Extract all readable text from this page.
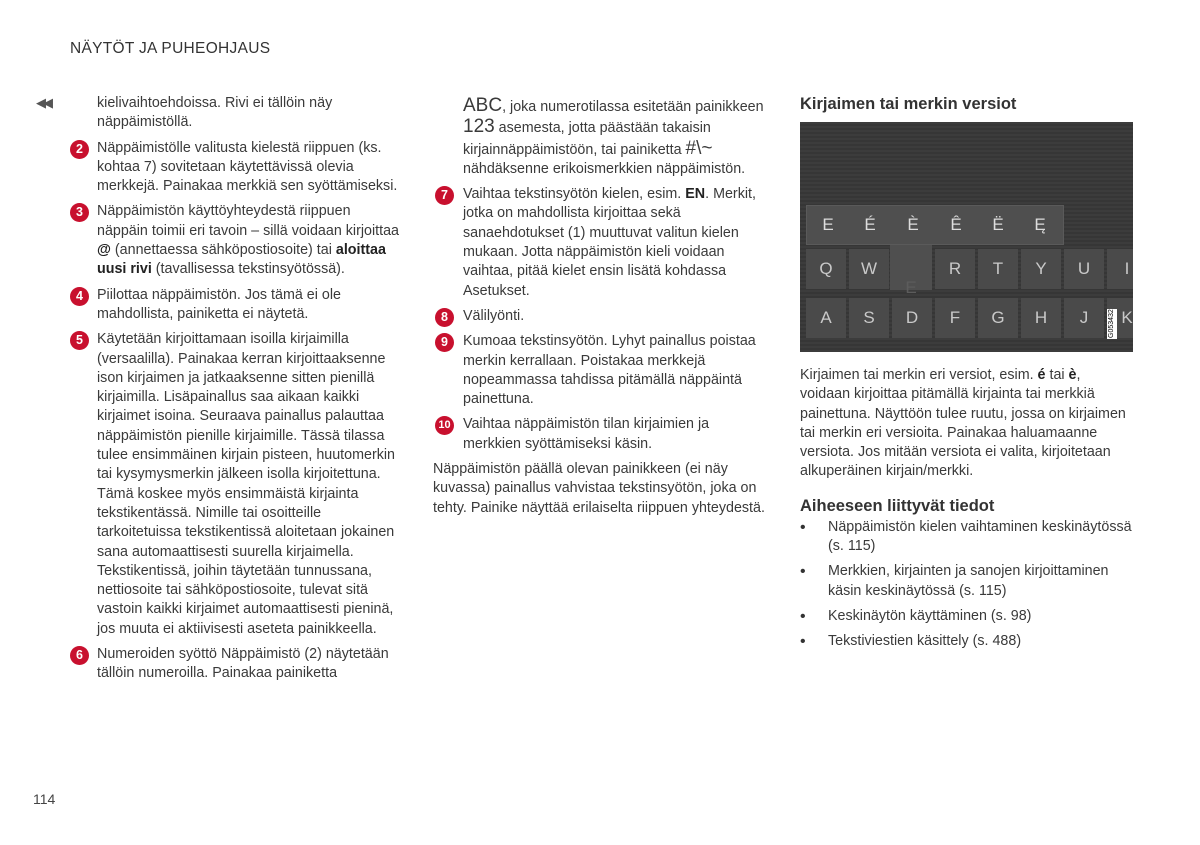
NÄYTÖT JA PUHEOHJAUS
◀◀	kielivaihtoehdoissa. Rivi ei tällöin näy näppäimistöllä.
2 Näppäimistölle valitusta kielestä riippuen (ks. kohtaa 7) sovitetaan käytettävissä olevia merkkejä. Painakaa merkkiä sen syöttämiseksi.
3 Näppäimistön käyttöyhteydestä riippuen näppäin toimii eri tavoin – sillä voidaan kirjoittaa @ (annettaessa sähköpostiosoite) tai aloittaa uusi rivi (tavallisessa tekstinsyötössä).
4 Piilottaa näppäimistön. Jos tämä ei ole mahdollista, painiketta ei näytetä.
5 Käytetään kirjoittamaan isoilla kirjaimilla (versaalilla). Painakaa kerran kirjoittaaksenne ison kirjaimen ja jatkaaksenne sitten pienillä kirjaimilla. Lisäpainallus saa aikaan kaikki kirjaimet isoina. Seuraava painallus palauttaa näppäimistön pienille kirjaimille. Tässä tilassa tulee ensimmäinen kirjain pisteen, huutomerkin tai kysymysmerkin jälkeen isolla kirjoitettuna. Tämä koskee myös ensimmäistä kirjainta tekstikentässä. Nimille tai osoitteille tarkoitetuissa tekstikentissä aloitetaan jokainen sana automaattisesti suurella kirjaimella. Tekstikentissä, joihin täytetään tunnussana, nettiosoite tai sähköpostiosoite, tulevat sitä vastoin kaikki kirjaimet automaattisesti pieninä, jos muuta ei aktiivisesti aseteta painikkeella.
6 Numeroiden syöttö Näppäimistö (2) näytetään tällöin numeroilla. Painakaa painiketta
ABC, joka numerotilassa esitetään painikkeen 123 asemesta, jotta päästään takaisin kirjainnäppäimistöön, tai painiketta #\~ nähdäksenne erikoismerkkien näppäimistön.
7	Vaihtaa tekstinsyötön kielen, esim. EN. Merkit, jotka on mahdollista kirjoittaa sekä sanaehdotukset (1) muuttuvat valitun kielen mukaan. Jotta näppäimistön kieli voidaan vaihtaa, pitää kielet ensin lisätä kohdassa Asetukset.
8	Välilyönti.
9	Kumoaa tekstinsyötön. Lyhyt painallus poistaa merkin kerrallaan. Poistakaa merkkejä nopeammassa tahdissa pitämällä näppäintä painettuna.
10 Vaihtaa näppäimistön tilan kirjaimien ja merkkien syöttämiseksi käsin.

Näppäimistön päällä olevan painikkeen (ei näy kuvassa) painallus vahvistaa tekstinsyötön, joka on tehty. Painike näyttää erilaiselta riippuen yhteydestä.

Kirjaimen tai merkin versiot
Q	W	R	T	Y	U	I
A	S	D	F	G	H	J	K
E
E	É	È	Ê	Ë	Ę
G053432

Kirjaimen tai merkin eri versiot, esim. é tai è, voidaan kirjoittaa pitämällä kirjainta tai merkkiä painettuna. Näyttöön tulee ruutu, jossa on kirjaimen tai merkin eri versioita. Painakaa haluamaanne versiota. Jos mitään versiota ei valita, kirjoitetaan alkuperäinen kirjain/merkki.

Aiheeseen liittyvät tiedot
• Näppäimistön kielen vaihtaminen keskinäytössä (s. 115)
• Merkkien, kirjainten ja sanojen kirjoittaminen käsin keskinäytössä (s. 115)
• Keskinäytön käyttäminen (s. 98)
• Tekstiviestien käsittely (s. 488)
114
